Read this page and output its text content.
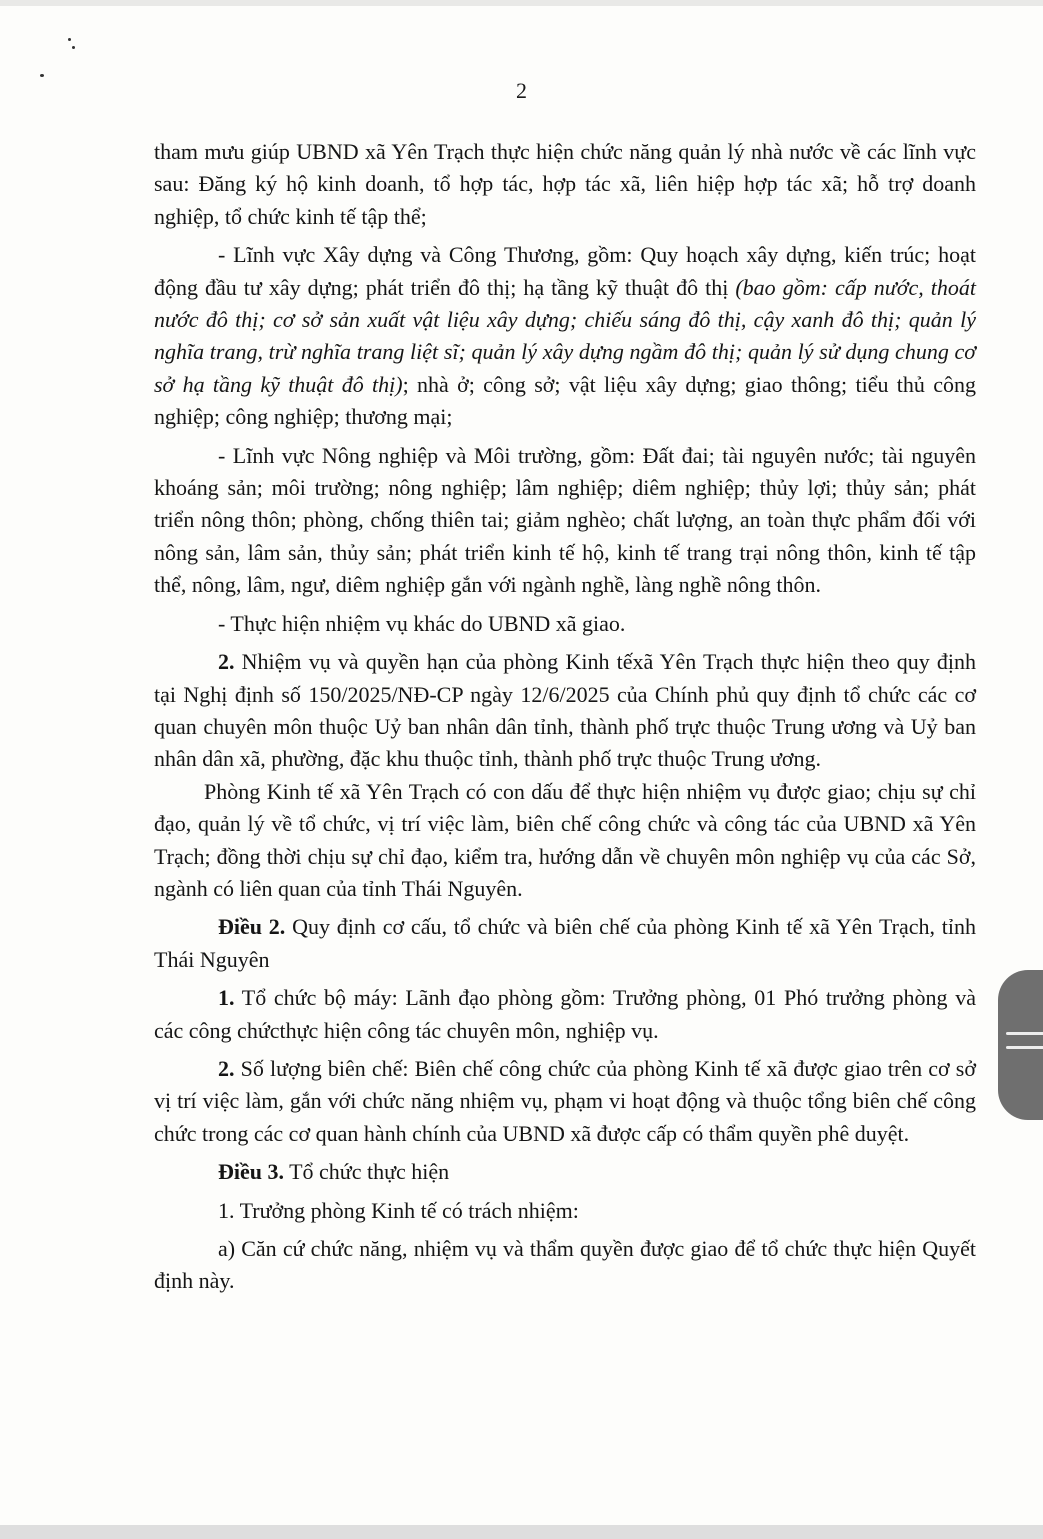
2

tham mưu giúp UBND xã Yên Trạch thực hiện chức năng quản lý nhà nước về các lĩnh vực sau: Đăng ký hộ kinh doanh, tổ hợp tác, hợp tác xã, liên hiệp hợp tác xã; hỗ trợ doanh nghiệp, tổ chức kinh tế tập thể;

- Lĩnh vực Xây dựng và Công Thương, gồm: Quy hoạch xây dựng, kiến trúc; hoạt động đầu tư xây dựng; phát triển đô thị; hạ tầng kỹ thuật đô thị (bao gồm: cấp nước, thoát nước đô thị; cơ sở sản xuất vật liệu xây dựng; chiếu sáng đô thị, cậy xanh đô thị; quản lý nghĩa trang, trừ nghĩa trang liệt sĩ; quản lý xây dựng ngầm đô thị; quản lý sử dụng chung cơ sở hạ tầng kỹ thuật đô thị); nhà ở; công sở; vật liệu xây dựng; giao thông; tiểu thủ công nghiệp; công nghiệp; thương mại;

- Lĩnh vực Nông nghiệp và Môi trường, gồm: Đất đai; tài nguyên nước; tài nguyên khoáng sản; môi trường; nông nghiệp; lâm nghiệp; diêm nghiệp; thủy lợi; thủy sản; phát triển nông thôn; phòng, chống thiên tai; giảm nghèo; chất lượng, an toàn thực phẩm đối với nông sản, lâm sản, thủy sản; phát triển kinh tế hộ, kinh tế trang trại nông thôn, kinh tế tập thể, nông, lâm, ngư, diêm nghiệp gắn với ngành nghề, làng nghề nông thôn.

- Thực hiện nhiệm vụ khác do UBND xã giao.

2. Nhiệm vụ và quyền hạn của phòng Kinh tếxã Yên Trạch thực hiện theo quy định tại Nghị định số 150/2025/NĐ-CP ngày 12/6/2025 của Chính phủ quy định tổ chức các cơ quan chuyên môn thuộc Uỷ ban nhân dân tỉnh, thành phố trực thuộc Trung ương và Uỷ ban nhân dân xã, phường, đặc khu thuộc tỉnh, thành phố trực thuộc Trung ương.

Phòng Kinh tế xã Yên Trạch có con dấu để thực hiện nhiệm vụ được giao; chịu sự chỉ đạo, quản lý về tổ chức, vị trí việc làm, biên chế công chức và công tác của UBND xã Yên Trạch; đồng thời chịu sự chỉ đạo, kiểm tra, hướng dẫn về chuyên môn nghiệp vụ của các Sở, ngành có liên quan của tỉnh Thái Nguyên.

Điều 2. Quy định cơ cấu, tổ chức và biên chế của phòng Kinh tế xã Yên Trạch, tỉnh Thái Nguyên

1. Tổ chức bộ máy: Lãnh đạo phòng gồm: Trưởng phòng, 01 Phó trưởng phòng và các công chứcthực hiện công tác chuyên môn, nghiệp vụ.

2. Số lượng biên chế: Biên chế công chức của phòng Kinh tế xã được giao trên cơ sở vị trí việc làm, gắn với chức năng nhiệm vụ, phạm vi hoạt động và thuộc tổng biên chế công chức trong các cơ quan hành chính của UBND xã được cấp có thẩm quyền phê duyệt.

Điều 3. Tổ chức thực hiện

1. Trưởng phòng Kinh tế có trách nhiệm:

a) Căn cứ chức năng, nhiệm vụ và thẩm quyền được giao để tổ chức thực hiện Quyết định này.
